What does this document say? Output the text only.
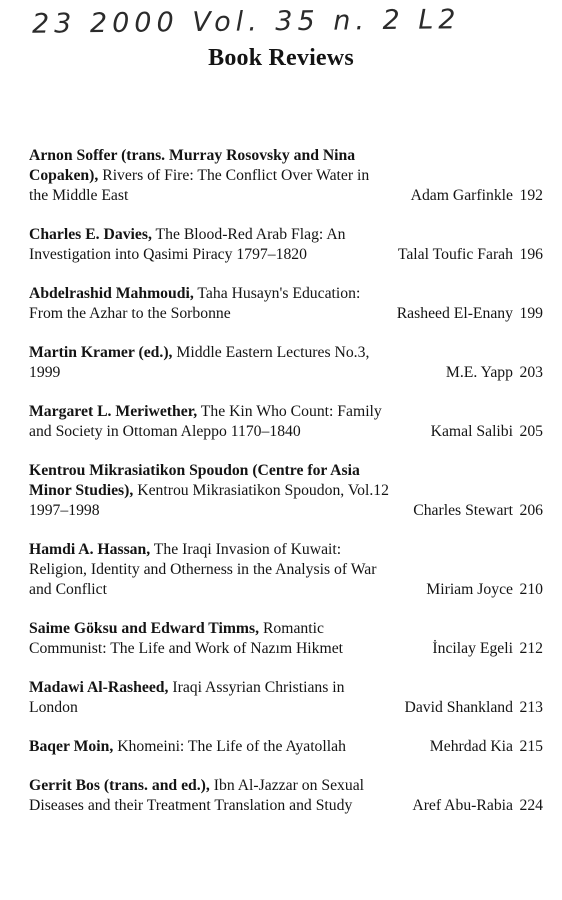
23 2000 Vol. 35 n. 2 L2
Book Reviews
Arnon Soffer (trans. Murray Rosovsky and Nina Copaken), Rivers of Fire: The Conflict Over Water in the Middle East	Adam Garfinkle 192
Charles E. Davies, The Blood-Red Arab Flag: An Investigation into Qasimi Piracy 1797–1820	Talal Toufic Farah 196
Abdelrashid Mahmoudi, Taha Husayn's Education: From the Azhar to the Sorbonne	Rasheed El-Enany 199
Martin Kramer (ed.), Middle Eastern Lectures No.3, 1999	M.E. Yapp 203
Margaret L. Meriwether, The Kin Who Count: Family and Society in Ottoman Aleppo 1170–1840	Kamal Salibi 205
Kentrou Mikrasiatikon Spoudon (Centre for Asia Minor Studies), Kentrou Mikrasiatikon Spoudon, Vol.12 1997–1998	Charles Stewart 206
Hamdi A. Hassan, The Iraqi Invasion of Kuwait: Religion, Identity and Otherness in the Analysis of War and Conflict	Miriam Joyce 210
Saime Göksu and Edward Timms, Romantic Communist: The Life and Work of Nazım Hikmet	İncilay Egeli 212
Madawi Al-Rasheed, Iraqi Assyrian Christians in London	David Shankland 213
Baqer Moin, Khomeini: The Life of the Ayatollah	Mehrdad Kia 215
Gerrit Bos (trans. and ed.), Ibn Al-Jazzar on Sexual Diseases and their Treatment Translation and Study	Aref Abu-Rabia 224
